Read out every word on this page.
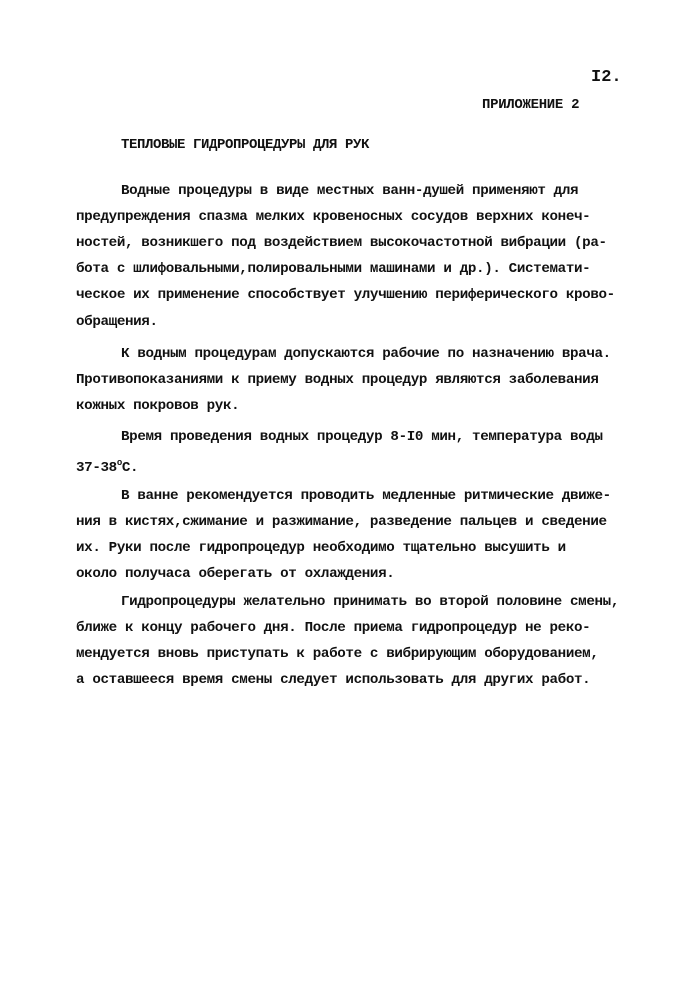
I2.
ПРИЛОЖЕНИЕ 2
ТЕПЛОВЫЕ ГИДРОПРОЦЕДУРЫ ДЛЯ РУК
Водные процедуры в виде местных ванн-душей применяют для
предупреждения спазма мелких кровеносных сосудов верхних конеч-
ностей, возникшего под воздействием высокочастотной вибрации (ра-
бота с шлифовальными,полировальными машинами и др.). Системати-
ческое их применение способствует улучшению периферического крово-
обращения.
К водным процедурам допускаются рабочие по назначению врача.
Противопоказаниями к приему водных процедур являются заболевания
кожных покровов рук.
Время проведения водных процедур 8-I0 мин, температура воды
37-38$^o$С.
В ванне рекомендуется проводить медленные ритмические движе-
ния в кистях,сжимание и разжимание, разведение пальцев и сведение
их. Руки после гидропроцедур необходимо тщательно высушить и
около получаса оберегать от охлаждения.
Гидропроцедуры желательно принимать во второй половине смены,
ближе к концу рабочего дня. После приема гидропроцедур не реко-
мендуется вновь приступать к работе с вибрирующим оборудованием,
а оставшееся время смены следует использовать для других работ.
